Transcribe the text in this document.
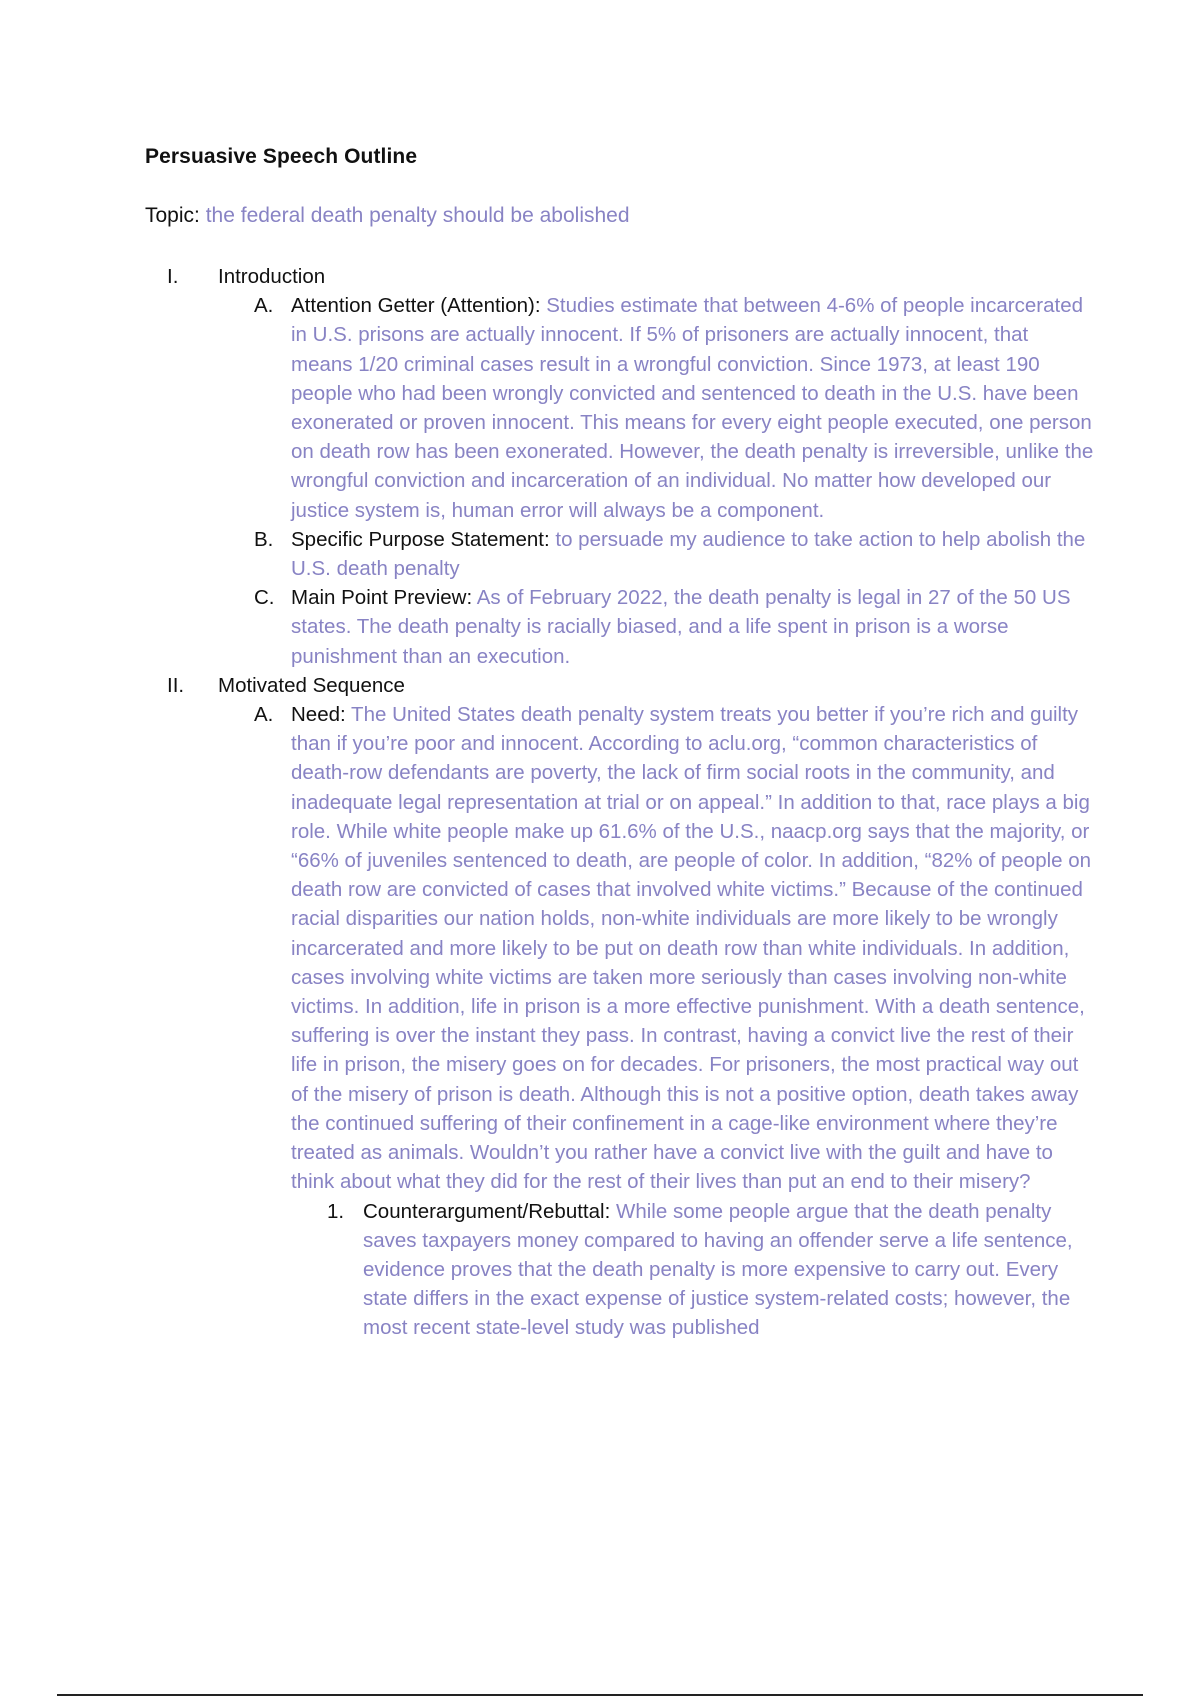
Persuasive Speech Outline
Topic: the federal death penalty should be abolished
I. Introduction
A. Attention Getter (Attention): Studies estimate that between 4-6% of people incarcerated in U.S. prisons are actually innocent. If 5% of prisoners are actually innocent, that means 1/20 criminal cases result in a wrongful conviction. Since 1973, at least 190 people who had been wrongly convicted and sentenced to death in the U.S. have been exonerated or proven innocent. This means for every eight people executed, one person on death row has been exonerated. However, the death penalty is irreversible, unlike the wrongful conviction and incarceration of an individual. No matter how developed our justice system is, human error will always be a component.
B. Specific Purpose Statement: to persuade my audience to take action to help abolish the U.S. death penalty
C. Main Point Preview: As of February 2022, the death penalty is legal in 27 of the 50 US states. The death penalty is racially biased, and a life spent in prison is a worse punishment than an execution.
II. Motivated Sequence
A. Need: The United States death penalty system treats you better if you’re rich and guilty than if you’re poor and innocent. According to aclu.org, “common characteristics of death-row defendants are poverty, the lack of firm social roots in the community, and inadequate legal representation at trial or on appeal.” In addition to that, race plays a big role. While white people make up 61.6% of the U.S., naacp.org says that the majority, or “66% of juveniles sentenced to death, are people of color. In addition, “82% of people on death row are convicted of cases that involved white victims.” Because of the continued racial disparities our nation holds, non-white individuals are more likely to be wrongly incarcerated and more likely to be put on death row than white individuals. In addition, cases involving white victims are taken more seriously than cases involving non-white victims. In addition, life in prison is a more effective punishment. With a death sentence, suffering is over the instant they pass. In contrast, having a convict live the rest of their life in prison, the misery goes on for decades. For prisoners, the most practical way out of the misery of prison is death. Although this is not a positive option, death takes away the continued suffering of their confinement in a cage-like environment where they’re treated as animals. Wouldn’t you rather have a convict live with the guilt and have to think about what they did for the rest of their lives than put an end to their misery?
1. Counterargument/Rebuttal: While some people argue that the death penalty saves taxpayers money compared to having an offender serve a life sentence, evidence proves that the death penalty is more expensive to carry out. Every state differs in the exact expense of justice system-related costs; however, the most recent state-level study was published
